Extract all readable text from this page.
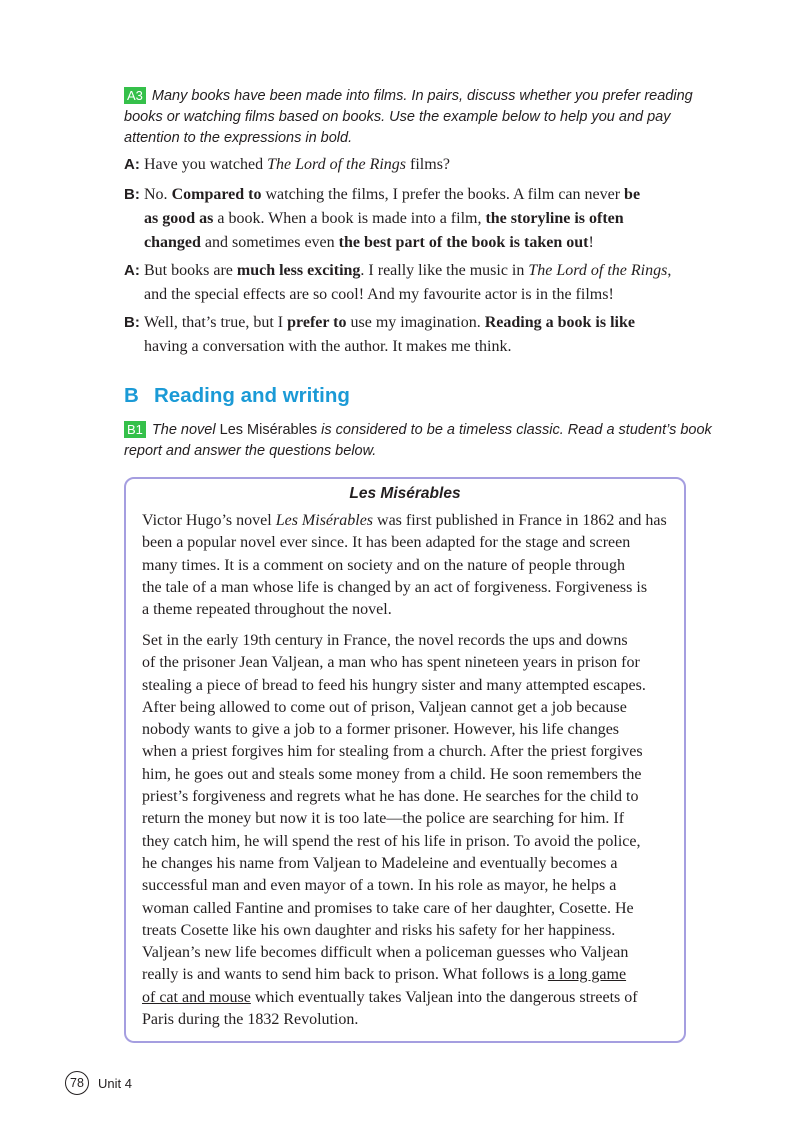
A3 Many books have been made into films. In pairs, discuss whether you prefer reading
books or watching films based on books. Use the example below to help you and pay
attention to the expressions in bold.
A: Have you watched The Lord of the Rings films?
B: No. Compared to watching the films, I prefer the books. A film can never be
as good as a book. When a book is made into a film, the storyline is often
changed and sometimes even the best part of the book is taken out!
A: But books are much less exciting. I really like the music in The Lord of the Rings,
and the special effects are so cool! And my favourite actor is in the films!
B: Well, that’s true, but I prefer to use my imagination. Reading a book is like
having a conversation with the author. It makes me think.
B Reading and writing
B1 The novel Les Misérables is considered to be a timeless classic. Read a student’s book
report and answer the questions below.
Les Misérables
Victor Hugo’s novel Les Misérables was first published in France in 1862 and has
been a popular novel ever since. It has been adapted for the stage and screen
many times. It is a comment on society and on the nature of people through
the tale of a man whose life is changed by an act of forgiveness. Forgiveness is
a theme repeated throughout the novel.
Set in the early 19th century in France, the novel records the ups and downs
of the prisoner Jean Valjean, a man who has spent nineteen years in prison for
stealing a piece of bread to feed his hungry sister and many attempted escapes.
After being allowed to come out of prison, Valjean cannot get a job because
nobody wants to give a job to a former prisoner. However, his life changes
when a priest forgives him for stealing from a church. After the priest forgives
him, he goes out and steals some money from a child. He soon remembers the
priest’s forgiveness and regrets what he has done. He searches for the child to
return the money but now it is too late—the police are searching for him. If
they catch him, he will spend the rest of his life in prison. To avoid the police,
he changes his name from Valjean to Madeleine and eventually becomes a
successful man and even mayor of a town. In his role as mayor, he helps a
woman called Fantine and promises to take care of her daughter, Cosette. He
treats Cosette like his own daughter and risks his safety for her happiness.
Valjean’s new life becomes difficult when a policeman guesses who Valjean
really is and wants to send him back to prison. What follows is a long game
of cat and mouse which eventually takes Valjean into the dangerous streets of
Paris during the 1832 Revolution.
78	Unit 4
